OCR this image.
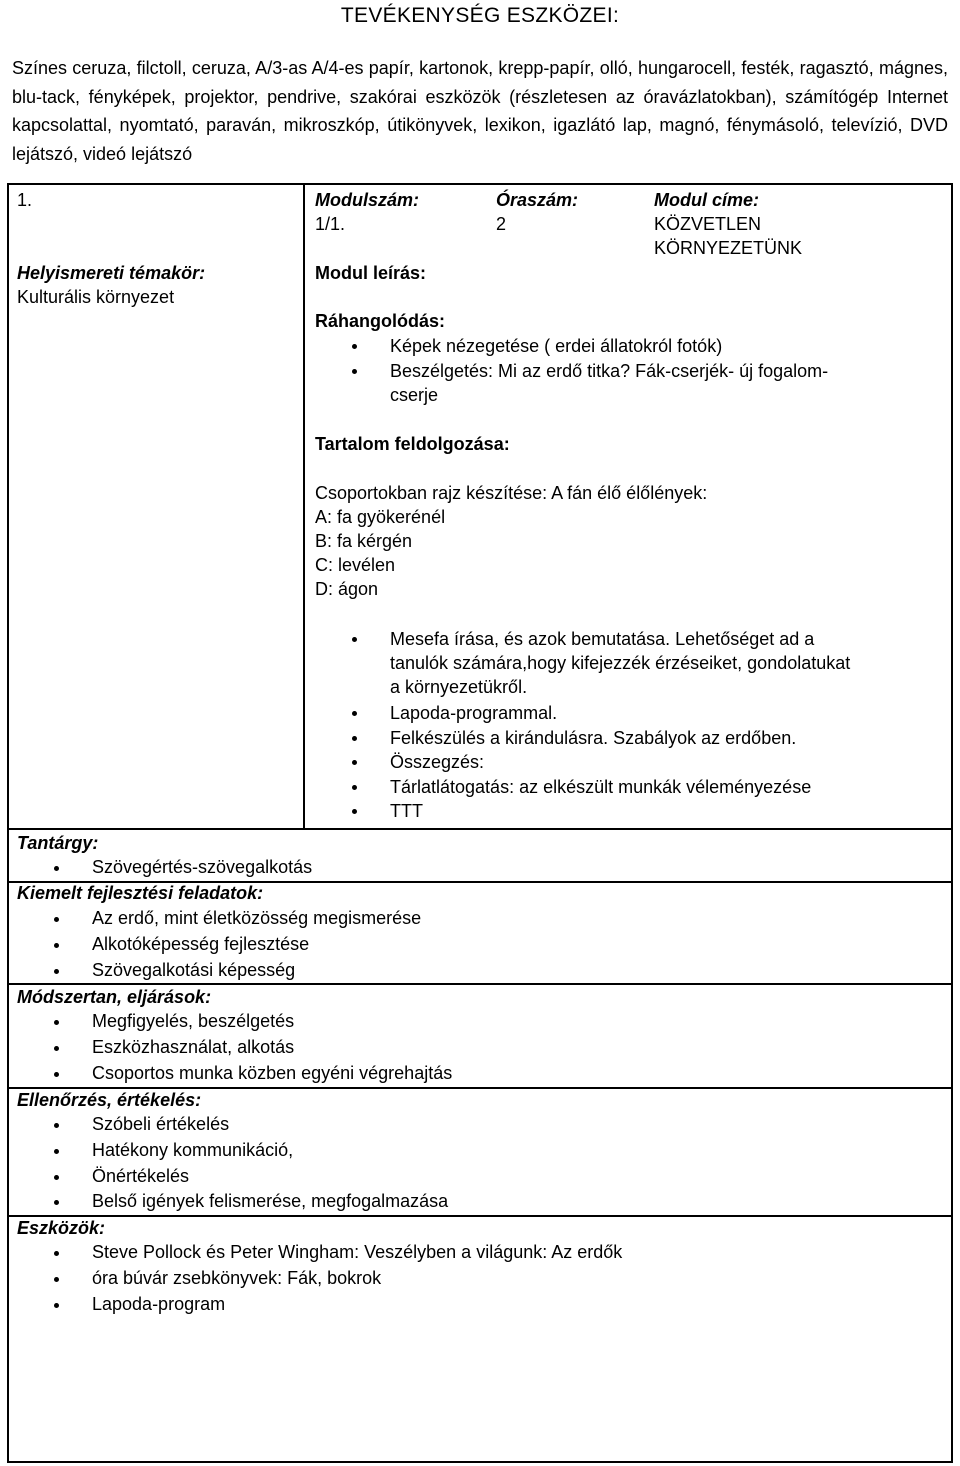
TEVÉKENYSÉG ESZKÖZEI:
Színes ceruza, filctoll, ceruza, A/3-as A/4-es papír, kartonok, krepp-papír, olló, hungarocell, festék, ragasztó, mágnes, blu-tack, fényképek, projektor, pendrive, szakórai eszközök (részletesen az óravázlatokban), számítógép Internet kapcsolattal, nyomtató, paraván, mikroszkóp, útikönyvek, lexikon, igazlátó lap, magnó, fénymásoló, televízió, DVD lejátszó, videó lejátszó
1.	Modulszám:
1/1.
Óraszám:
2
Modul címe:
KÖZVETLEN
KÖRNYEZETÜNK
Helyismereti témakör:
Kulturális környezet
Modul leírás:
Ráhangolódás:
Képek nézegetése ( erdei állatokról fotók)
Beszélgetés: Mi az erdő titka? Fák-cserjék- új fogalom-
cserje
Tartalom feldolgozása:
Csoportokban rajz készítése: A fán élő élőlények:
A: fa gyökerénél
B: fa kérgén
C: levélen
D: ágon
Mesefa írása, és azok bemutatása. Lehetőséget ad a
tanulók számára,hogy kifejezzék érzéseiket, gondolatukat
a környezetükről.
Lapoda-programmal.
Felkészülés a kirándulásra. Szabályok az erdőben.
Összegzés:
Tárlatlátogatás: az elkészült munkák véleményezése
TTT
Tantárgy:
Szövegértés-szövegalkotás
Kiemelt fejlesztési feladatok:
Az erdő, mint életközösség megismerése
Alkotóképesség fejlesztése
Szövegalkotási képesség
Módszertan, eljárások:
Megfigyelés, beszélgetés
Eszközhasználat, alkotás
Csoportos munka közben egyéni végrehajtás
Ellenőrzés, értékelés:
Szóbeli értékelés
Hatékony kommunikáció,
Önértékelés
Belső igények felismerése, megfogalmazása
Eszközök:
Steve Pollock és Peter Wingham: Veszélyben a világunk: Az erdők
óra búvár zsebkönyvek: Fák, bokrok
Lapoda-program
